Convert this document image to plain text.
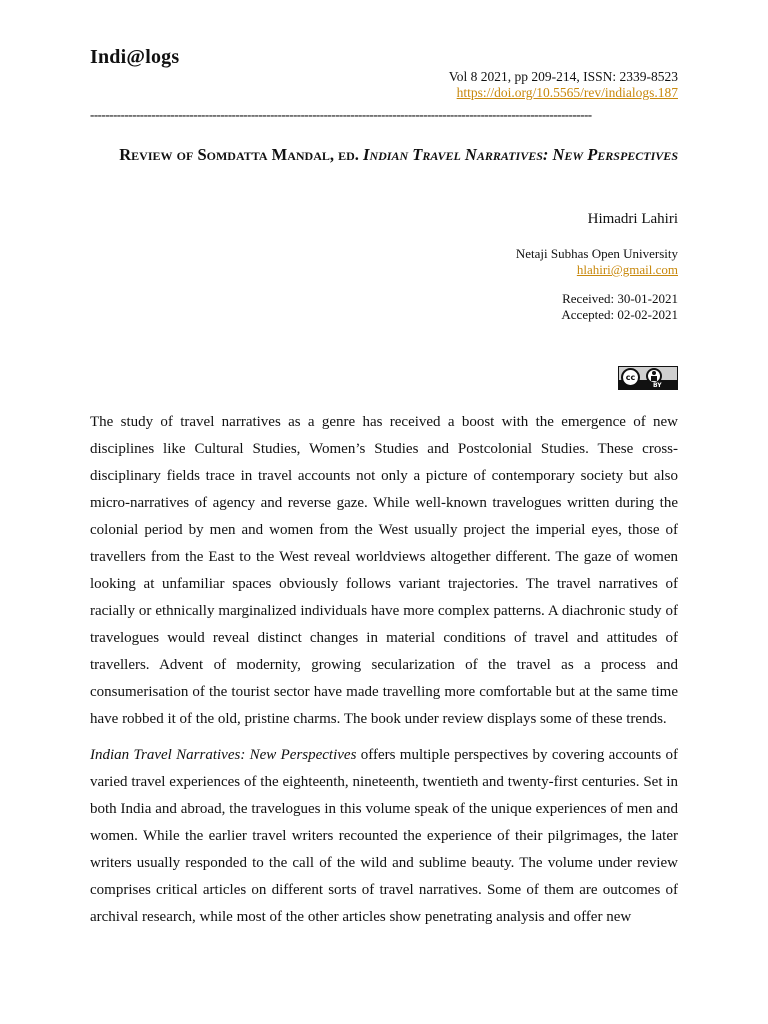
Indi@logs
Vol 8 2021, pp 209-214, ISSN: 2339-8523
https://doi.org/10.5565/rev/indialogs.187
-----------------------------------------------------------------------------------------------------------------------------------
Review of Somdatta Mandal, ed. Indian Travel Narratives: New Perspectives
Himadri Lahiri
Netaji Subhas Open University
hlahiri@gmail.com
Received: 30-01-2021
Accepted: 02-02-2021
cc
BY

The study of travel narratives as a genre has received a boost with the emergence of new disciplines like Cultural Studies, Women’s Studies and Postcolonial Studies. These cross-disciplinary fields trace in travel accounts not only a picture of contemporary society but also micro-narratives of agency and reverse gaze. While well-known travelogues written during the colonial period by men and women from the West usually project the imperial eyes, those of travellers from the East to the West reveal worldviews altogether different. The gaze of women looking at unfamiliar spaces obviously follows variant trajectories. The travel narratives of racially or ethnically marginalized individuals have more complex patterns. A diachronic study of travelogues would reveal distinct changes in material conditions of travel and attitudes of travellers. Advent of modernity, growing secularization of the travel as a process and consumerisation of the tourist sector have made travelling more comfortable but at the same time have robbed it of the old, pristine charms. The book under review displays some of these trends.

Indian Travel Narratives: New Perspectives offers multiple perspectives by covering accounts of varied travel experiences of the eighteenth, nineteenth, twentieth and twenty-first centuries. Set in both India and abroad, the travelogues in this volume speak of the unique experiences of men and women. While the earlier travel writers recounted the experience of their pilgrimages, the later writers usually responded to the call of the wild and sublime beauty. The volume under review comprises critical articles on different sorts of travel narratives. Some of them are outcomes of archival research, while most of the other articles show penetrating analysis and offer new
